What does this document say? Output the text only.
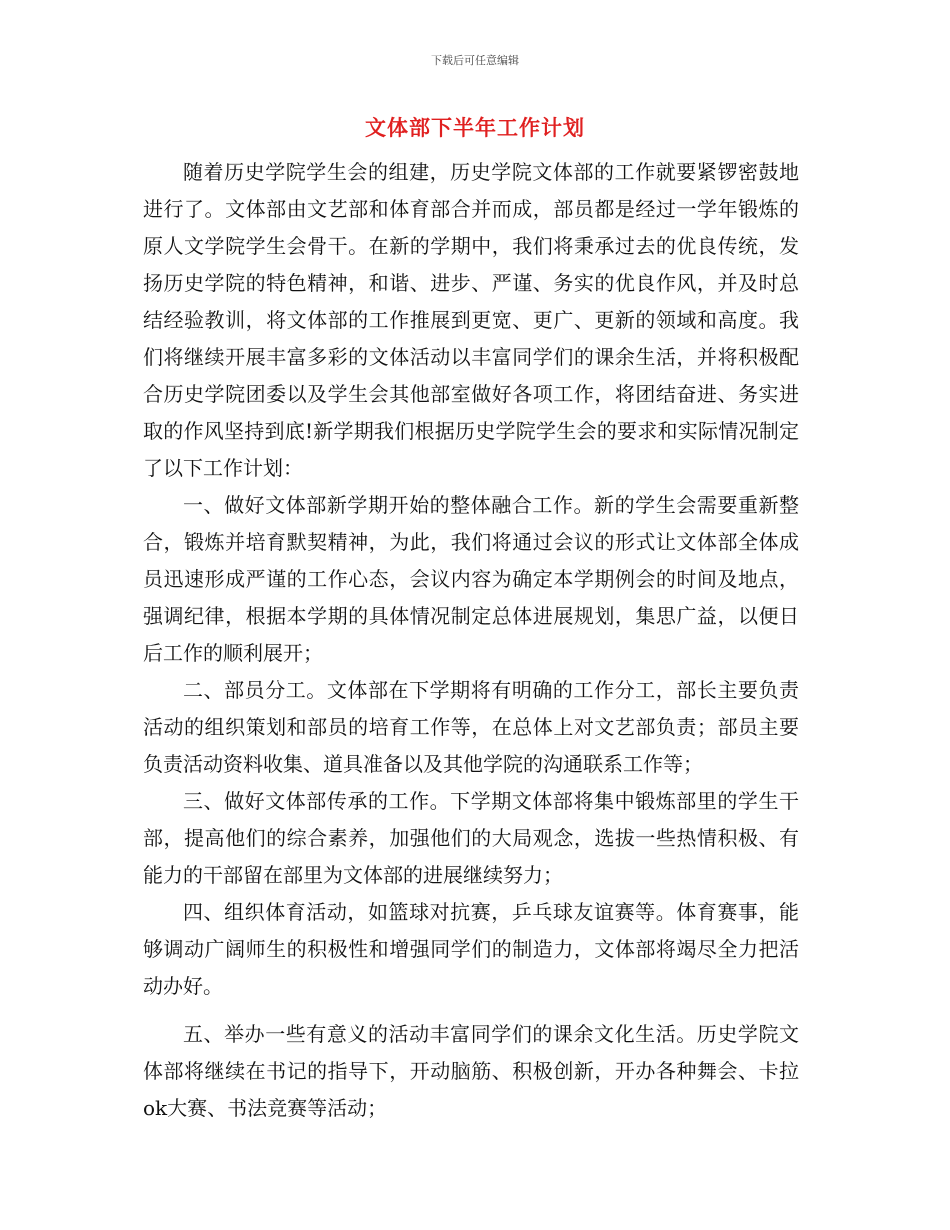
下载后可任意编辑
文体部下半年工作计划

随着历史学院学生会的组建，历史学院文体部的工作就要紧锣密鼓地进行了。文体部由文艺部和体育部合并而成，部员都是经过一学年锻炼的原人文学院学生会骨干。在新的学期中，我们将秉承过去的优良传统，发扬历史学院的特色精神，和谐、进步、严谨、务实的优良作风，并及时总结经验教训，将文体部的工作推展到更宽、更广、更新的领域和高度。我们将继续开展丰富多彩的文体活动以丰富同学们的课余生活，并将积极配合历史学院团委以及学生会其他部室做好各项工作，将团结奋进、务实进取的作风坚持到底!新学期我们根据历史学院学生会的要求和实际情况制定了以下工作计划：

一、做好文体部新学期开始的整体融合工作。新的学生会需要重新整合，锻炼并培育默契精神，为此，我们将通过会议的形式让文体部全体成员迅速形成严谨的工作心态，会议内容为确定本学期例会的时间及地点，强调纪律，根据本学期的具体情况制定总体进展规划，集思广益，以便日后工作的顺利展开；

二、部员分工。文体部在下学期将有明确的工作分工，部长主要负责活动的组织策划和部员的培育工作等，在总体上对文艺部负责；部员主要负责活动资料收集、道具准备以及其他学院的沟通联系工作等；

三、做好文体部传承的工作。下学期文体部将集中锻炼部里的学生干部，提高他们的综合素养，加强他们的大局观念，选拔一些热情积极、有能力的干部留在部里为文体部的进展继续努力；

四、组织体育活动，如篮球对抗赛，乒乓球友谊赛等。体育赛事，能够调动广阔师生的积极性和增强同学们的制造力，文体部将竭尽全力把活动办好。

五、举办一些有意义的活动丰富同学们的课余文化生活。历史学院文体部将继续在书记的指导下，开动脑筋、积极创新，开办各种舞会、卡拉ok大赛、书法竞赛等活动；
